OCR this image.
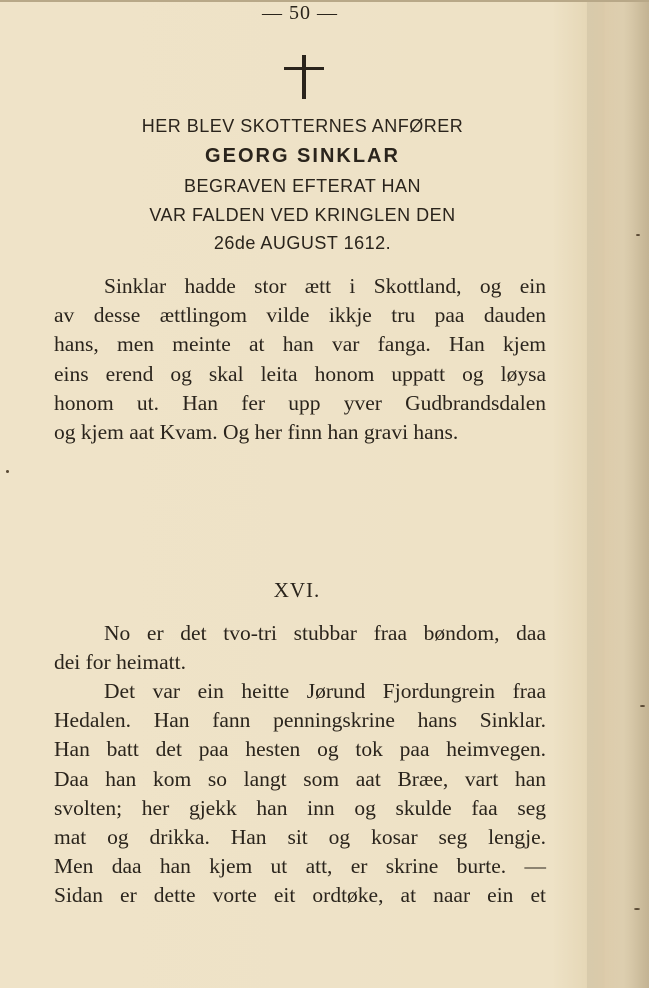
— 50 —
HER BLEV SKOTTERNES ANFØRER
GEORG SINKLAR
BEGRAVEN EFTERAT HAN
VAR FALDEN VED KRINGLEN DEN
26de AUGUST 1612.
Sinklar hadde stor ætt i Skottland, og ein
av desse ættlingom vilde ikkje tru paa dauden
hans, men meinte at han var fanga. Han kjem
eins erend og skal leita honom uppatt og løysa
honom ut. Han fer upp yver Gudbrandsdalen
og kjem aat Kvam. Og her finn han gravi hans.
XVI.
No er det tvo-tri stubbar fraa bøndom, daa
dei for heimatt.
Det var ein heitte Jørund Fjordungrein fraa
Hedalen. Han fann penningskrine hans Sinklar.
Han batt det paa hesten og tok paa heimvegen.
Daa han kom so langt som aat Bræe, vart han
svolten; her gjekk han inn og skulde faa seg
mat og drikka. Han sit og kosar seg lengje.
Men daa han kjem ut att, er skrine burte. —
Sidan er dette vorte eit ordtøke, at naar ein et
